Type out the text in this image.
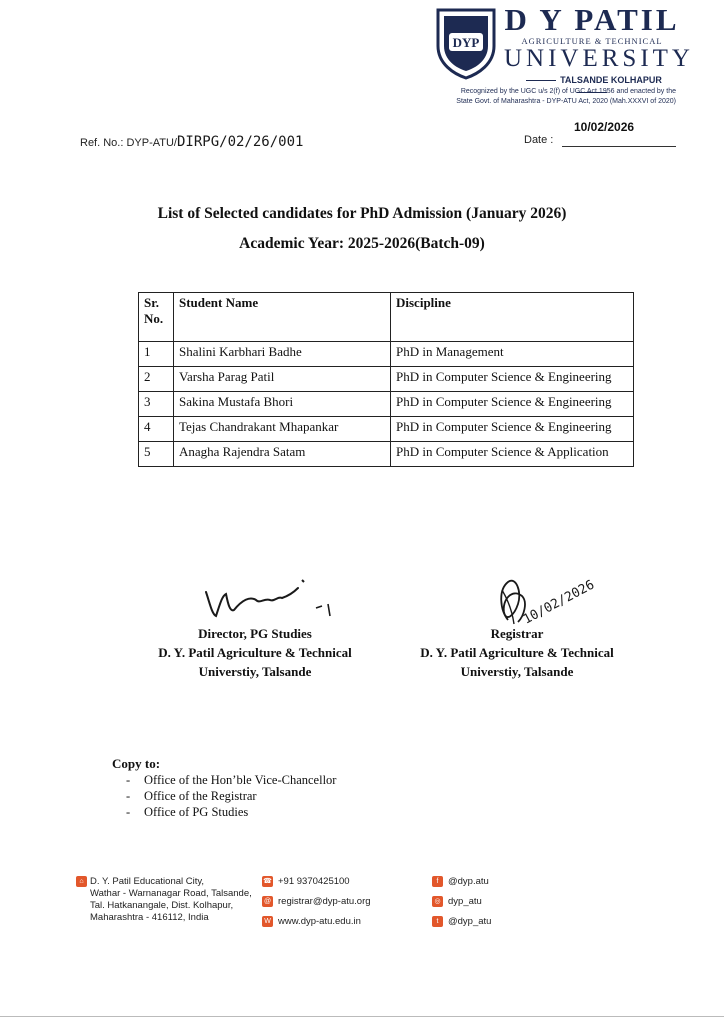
DYP
D Y PATIL
AGRICULTURE & TECHNICAL
UNIVERSITY
TALSANDE KOLHAPUR
Recognized by the UGC u/s 2(f) of UGC Act 1956 and enacted by the
State Govt. of Maharashtra - DYP-ATU Act, 2020 (Mah.XXXVI of 2020)
Ref. No.: DYP-ATU/DIRPG/02/26/001	Date :
10/02/2026
List of Selected candidates for PhD Admission (January 2026)
Academic Year: 2025-2026(Batch-09)
Sr.
No.	Student Name	Discipline
1	Shalini Karbhari Badhe	PhD in Management
2	Varsha Parag Patil	PhD in Computer Science & Engineering
3	Sakina Mustafa Bhori	PhD in Computer Science & Engineering
4	Tejas Chandrakant Mhapankar	PhD in Computer Science & Engineering
5	Anagha Rajendra Satam	PhD in Computer Science & Application
10/02/2026
Director, PG Studies
D. Y. Patil Agriculture & Technical
Universtiy, Talsande
Registrar
D. Y. Patil Agriculture & Technical
Universtiy, Talsande
Copy to:
- Office of the Hon’ble Vice-Chancellor
- Office of the Registrar
- Office of PG Studies
⌂ D. Y. Patil Educational City,
Wathar - Warnanagar Road, Talsande,
Tal. Hatkanangale, Dist. Kolhapur,
Maharashtra - 416112, India
☎ +91 9370425100
@ registrar@dyp-atu.org
W www.dyp-atu.edu.in
f @dyp.atu
◎ dyp_atu
t @dyp_atu
